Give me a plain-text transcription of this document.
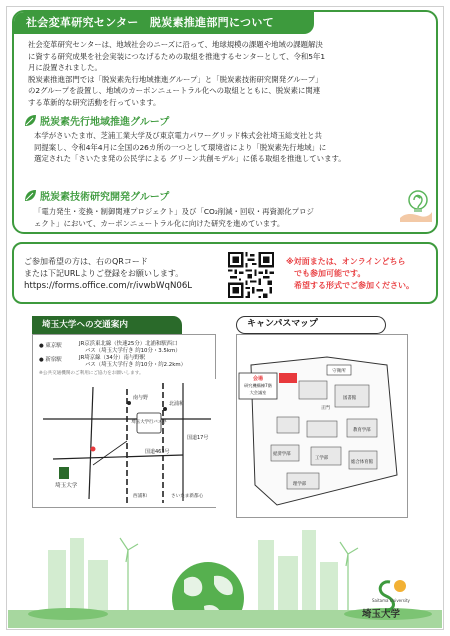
社会変革研究センター　脱炭素推進部門について
社会変革研究センターは、地域社会のニーズに沿って、地球規模の課題や地域の課題解決
に資する研究成果を社会実装につなげるための取組を推進するセンターとして、令和5年1
月に設置されました。
脱炭素推進部門では「脱炭素先行地域推進グループ」と「脱炭素技術研究開発グループ」
の2グループを設置し、地域のカーボンニュートラル化への取組とともに、脱炭素に関連
する革新的な研究活動を行っています。
脱炭素先行地域推進グループ
本学がさいたま市、芝浦工業大学及び東京電力パワーグリッド株式会社埼玉総支社と共
同提案し、令和4年4月に全国の26カ所の一つとして環境省により「脱炭素先行地域」に
選定された「さいたま発の公民学による グリーン共創モデル」に係る取組を推進しています。
脱炭素技術研究開発グループ
「電力発生・変換・制御関連プロジェクト」及び「CO₂削減・回収・再資源化プロジ
ェクト」において、カーボンニュートラル化に向けた研究を進めています。
ご参加希望の方は、右のQRコード
または下記URLよりご登録をお願いします。
https://forms.office.com/r/ivwbWqN06L
※対面または、オンラインどちら
でも参加可能です。
希望する形式でご参加ください。
埼玉大学への交通案内
● 東京駅	JR京浜東北線（快速25分）北浦和駅西口
バス（埼玉大学行き 約10分・3.5km）
● 新宿駅	JR埼京線（34分）南与野駅
バス（埼玉大学行き 約10分・約2.2km）
※公共交通機関のご利用にご協力をお願いします。
埼玉大学行バス停
埼玉大学
南与野
北浦和
国道463号
国道17号
西浦和	さいたま新都心
キャンパスマップ
会場
研究機構棟7階
大会議室
守衛所
正門
図書館
教育学部
経済学部
工学部
理学部
総合体育館
Saitama University
埼玉大学
